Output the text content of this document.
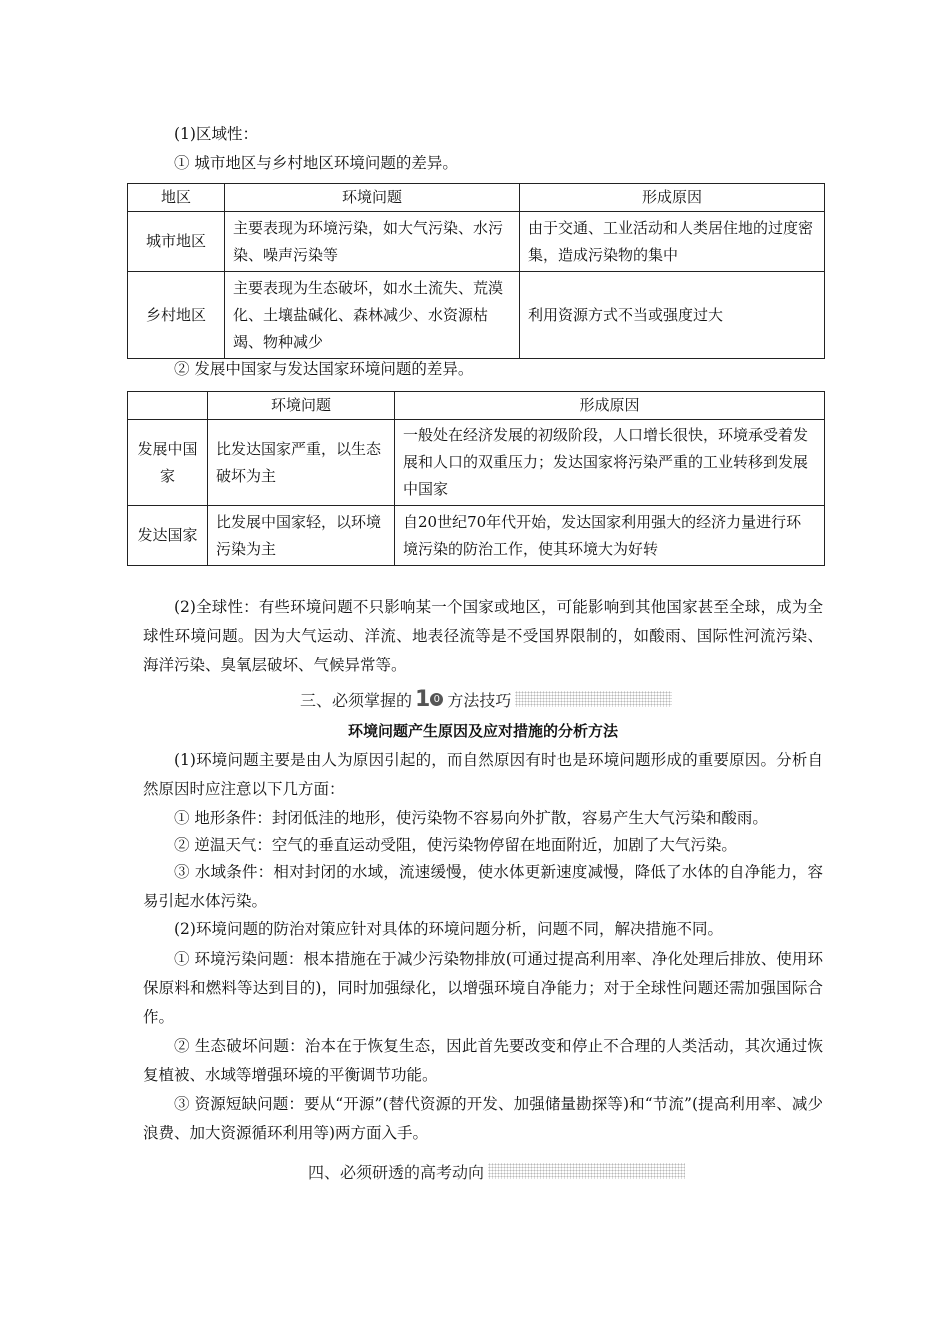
(1)区域性：

① 城市地区与乡村地区环境问题的差异。

地区	环境问题	形成原因
城市地区	主要表现为环境污染，如大气污染、水污染、噪声污染等	由于交通、工业活动和人类居住地的过度密集，造成污染物的集中
乡村地区	主要表现为生态破坏，如水土流失、荒漠化、土壤盐碱化、森林减少、水资源枯竭、物种减少	利用资源方式不当或强度过大

② 发展中国家与发达国家环境问题的差异。

	环境问题	形成原因
发展中国家	比发达国家严重，以生态破坏为主	一般处在经济发展的初级阶段，人口增长很快，环境承受着发展和人口的双重压力；发达国家将污染严重的工业转移到发展中国家
发达国家	比发展中国家轻，以环境污染为主	自20世纪70年代开始，发达国家利用强大的经济力量进行环境污染的防治工作，使其环境大为好转

(2)全球性：有些环境问题不只影响某一个国家或地区，可能影响到其他国家甚至全球，成为全球性环境问题。因为大气运动、洋流、地表径流等是不受国界限制的，如酸雨、国际性河流污染、海洋污染、臭氧层破坏、气候异常等。

三、必须掌握的 1 0 方法技巧
环境问题产生原因及应对措施的分析方法

(1)环境问题主要是由人为原因引起的，而自然原因有时也是环境问题形成的重要原因。分析自然原因时应注意以下几方面：

① 地形条件：封闭低洼的地形，使污染物不容易向外扩散，容易产生大气污染和酸雨。

② 逆温天气：空气的垂直运动受阻，使污染物停留在地面附近，加剧了大气污染。

③ 水域条件：相对封闭的水域，流速缓慢，使水体更新速度减慢，降低了水体的自净能力，容易引起水体污染。

(2)环境问题的防治对策应针对具体的环境问题分析，问题不同，解决措施不同。

① 环境污染问题：根本措施在于减少污染物排放(可通过提高利用率、净化处理后排放、使用环保原料和燃料等达到目的)，同时加强绿化，以增强环境自净能力；对于全球性问题还需加强国际合作。

② 生态破坏问题：治本在于恢复生态，因此首先要改变和停止不合理的人类活动，其次通过恢复植被、水域等增强环境的平衡调节功能。

③ 资源短缺问题：要从“开源”(替代资源的开发、加强储量勘探等)和“节流”(提高利用率、减少浪费、加大资源循环利用等)两方面入手。

四、必须研透的高考动向
